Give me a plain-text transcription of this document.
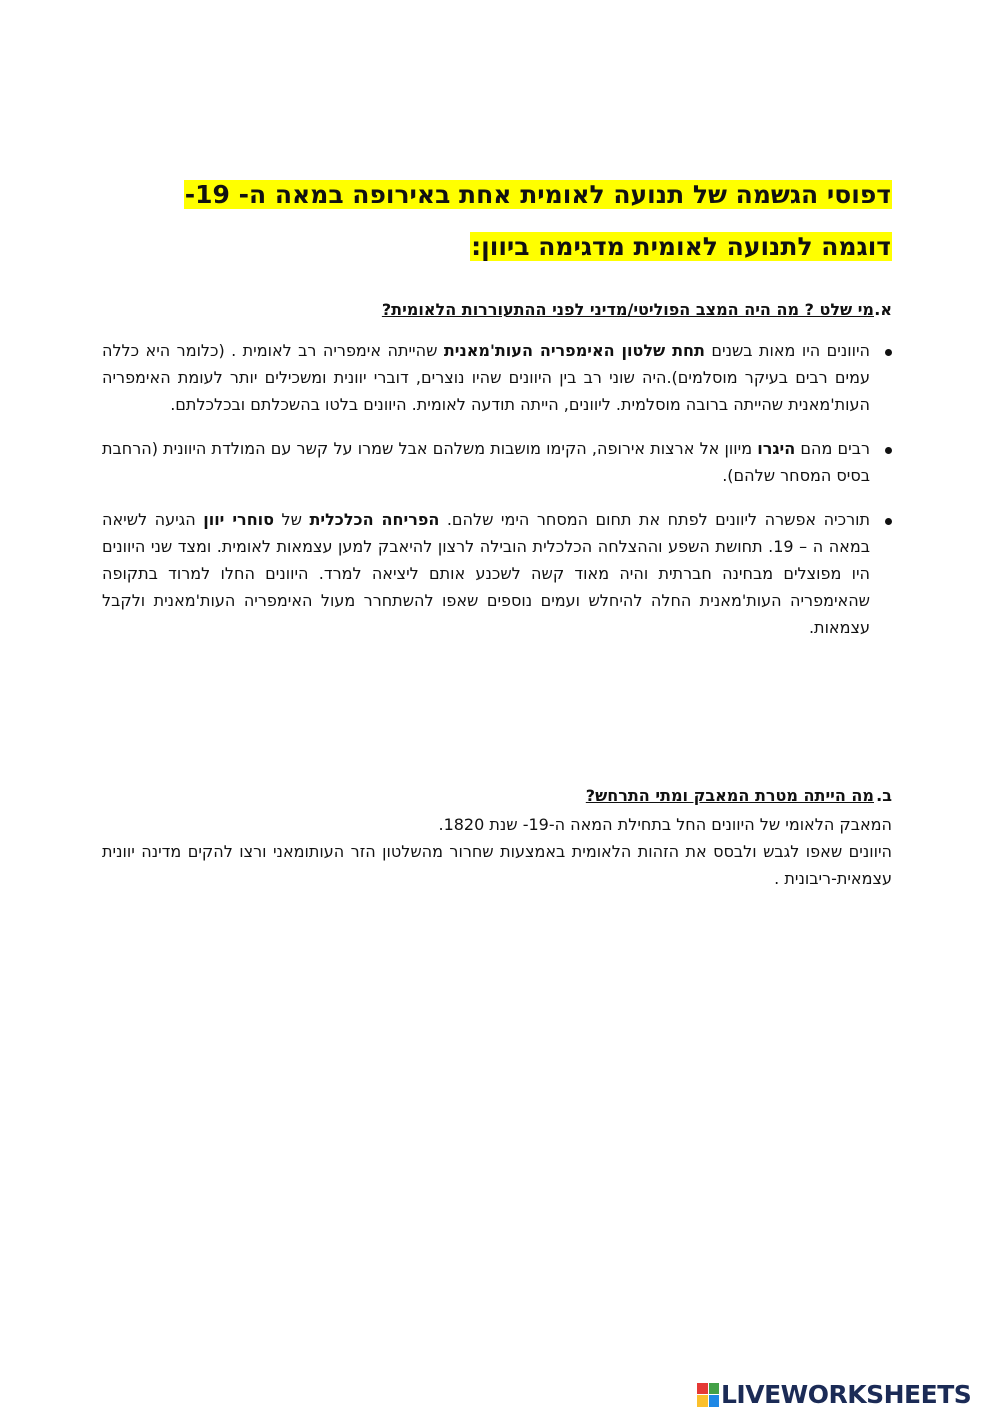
דפוסי הגשמה של תנועה לאומית אחת באירופה במאה ה- 19-
דוגמה לתנועה לאומית מדגימה ביוון:
א.
מי שלט ? מה היה המצב הפוליטי/מדיני לפני ההתעוררות הלאומית?
היוונים היו מאות בשנים תחת שלטון האימפריה העות'מאנית שהייתה אימפריה רב לאומית . (כלומר היא כללה עמים רבים בעיקר מוסלמים).היה שוני רב בין היוונים שהיו נוצרים, דוברי יוונית ומשכילים יותר לעומת האימפריה העות'מאנית שהייתה ברובה מוסלמית. ליוונים, הייתה תודעה לאומית. היוונים בלטו בהשכלתם ובכלכלתם.
רבים מהם היגרו מיוון אל ארצות אירופה, הקימו מושבות משלהם אבל שמרו על קשר עם המולדת היוונית (הרחבת בסיס המסחר שלהם).
תורכיה אפשרה ליוונים לפתח את תחום המסחר הימי שלהם. הפריחה הכלכלית של סוחרי יוון הגיעה לשיאה במאה ה – 19. תחושת השפע וההצלחה הכלכלית הובילה לרצון להיאבק למען עצמאות לאומית. ומצד שני היוונים היו מפוצלים מבחינה חברתית והיה מאוד קשה לשכנע אותם ליציאה למרד. היוונים החלו למרוד בתקופה שהאימפריה העות'מאנית החלה להיחלש ועמים נוספים שאפו להשתחרר מעול האימפריה העות'מאנית ולקבל עצמאות.
ב.
מה הייתה מטרת המאבק ומתי התרחש?

המאבק הלאומי של היוונים החל בתחילת המאה ה-19- שנת 1820.

היוונים שאפו לגבש ולבסס את הזהות הלאומית באמצעות שחרור מהשלטון הזר העותומאני ורצו להקים מדינה יוונית עצמאית-ריבונית .

LIVEWORKSHEETS
